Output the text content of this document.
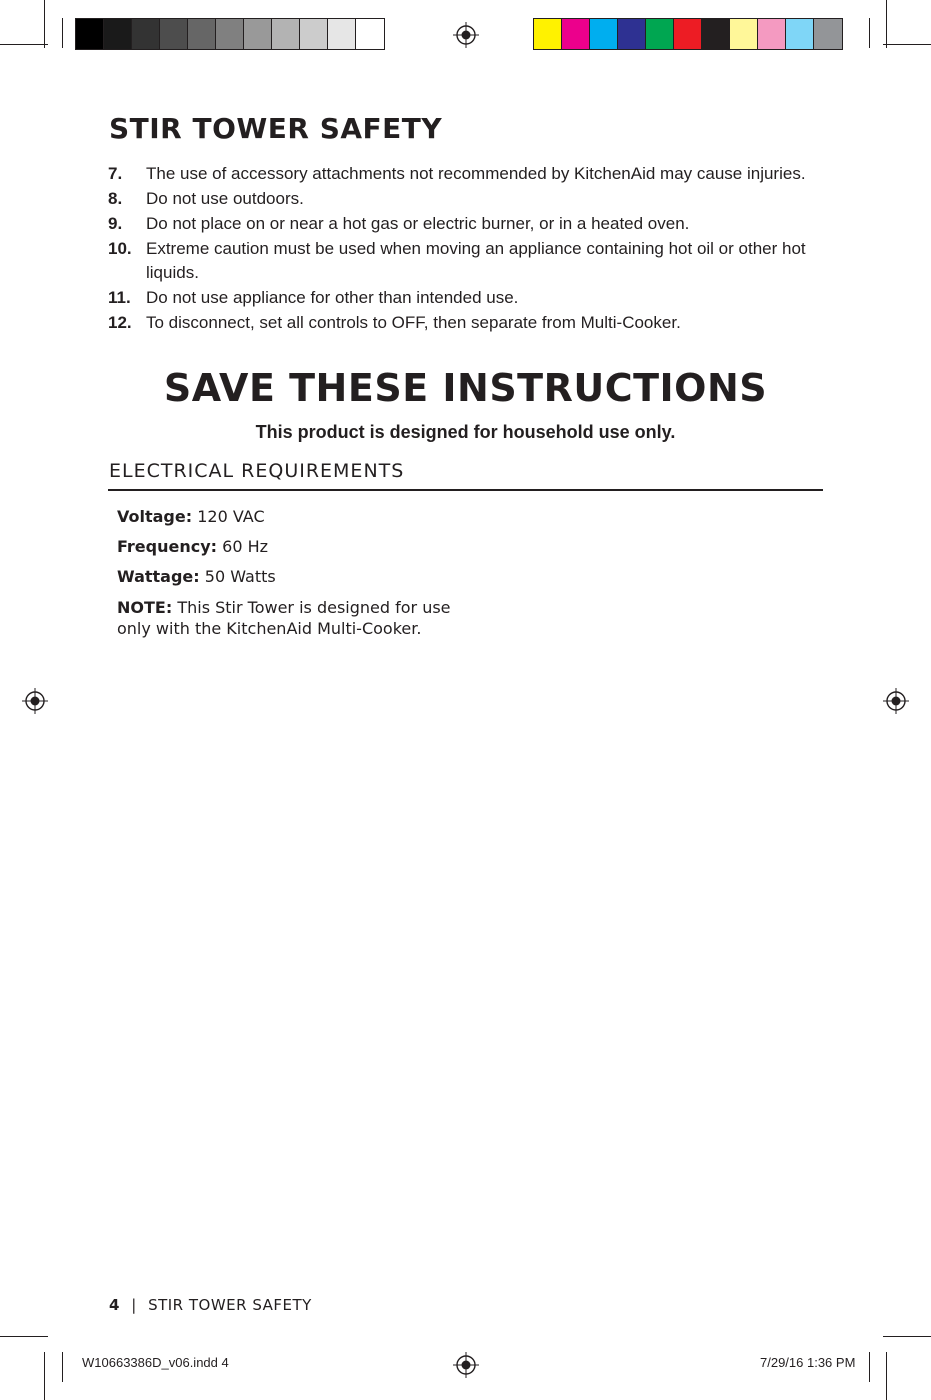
STIR TOWER SAFETY
7.	The use of accessory attachments not recommended by KitchenAid may cause injuries.
8.	Do not use outdoors.
9.	Do not place on or near a hot gas or electric burner, or in a heated oven.
10. Extreme caution must be used when moving an appliance containing hot oil or other hot liquids.
11. Do not use appliance for other than intended use.
12. To disconnect, set all controls to OFF, then separate from Multi-Cooker.
SAVE THESE INSTRUCTIONS

This product is designed for household use only.

ELECTRICAL REQUIREMENTS

Voltage: 120 VAC

Frequency: 60 Hz

Wattage: 50 Watts

NOTE: This Stir Tower is designed for use only with the KitchenAid Multi-Cooker.

4 | STIR TOWER SAFETY
W10663386D_v06.indd 4	7/29/16 1:36 PM
